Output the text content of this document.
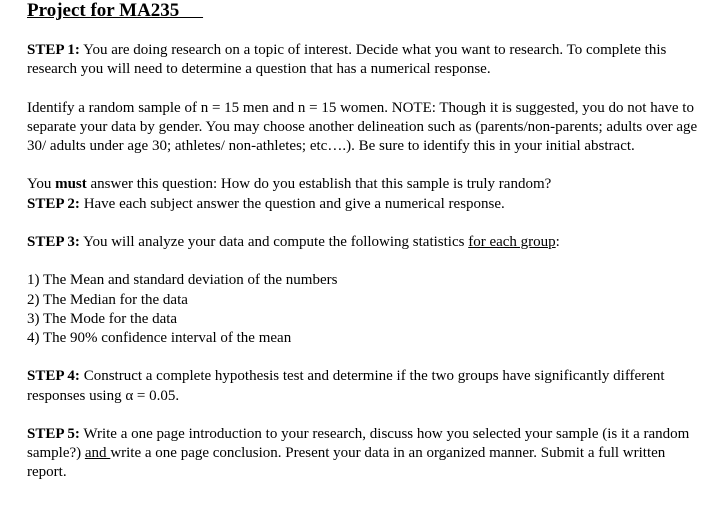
Project for MA235

STEP 1: You are doing research on a topic of interest. Decide what you want to research. To complete this research you will need to determine a question that has a numerical response.

Identify a random sample of n = 15 men and n = 15 women. NOTE: Though it is suggested, you do not have to separate your data by gender. You may choose another delineation such as (parents/non-parents; adults over age 30/ adults under age 30; athletes/ non-athletes; etc….). Be sure to identify this in your initial abstract.

You must answer this question: How do you establish that this sample is truly random?

STEP 2: Have each subject answer the question and give a numerical response.

STEP 3: You will analyze your data and compute the following statistics for each group:

1) The Mean and standard deviation of the numbers
2) The Median for the data
3) The Mode for the data
4) The 90% confidence interval of the mean

STEP 4: Construct a complete hypothesis test and determine if the two groups have significantly different responses using α = 0.05.

STEP 5: Write a one page introduction to your research, discuss how you selected your sample (is it a random sample?) and write a one page conclusion. Present your data in an organized manner. Submit a full written report.
